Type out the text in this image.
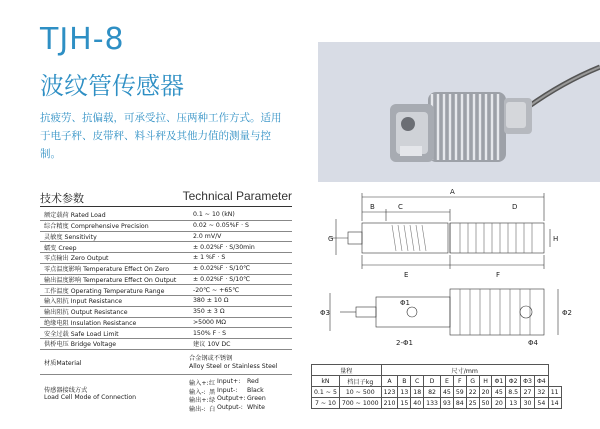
TJH-8
波纹管传感器
抗疲劳、抗偏载，可承受拉、压两种工作方式。适用于电子秤、皮带秤、料斗秤及其他力值的测量与控制。
技术参数	Technical Parameter
额定载荷 Rated Load	0.1 ~ 10 (kN)
综合精度 Comprehensive Precision	0.02 ~ 0.05%F · S
灵敏度 Sensitivity	2.0 mV/V
蠕变 Creep	± 0.02%F · S/30min
零点输出 Zero Output	± 1 %F · S
零点温度影响 Temperature Effect On Zero	± 0.02%F · S/10℃
输出温度影响 Temperature Effect On Output	± 0.02%F · S/10℃
工作温度 Operating Temperature Range	-20℃ ~ +65℃
输入阻抗 Input Resistance	380 ± 10 Ω
输出阻抗 Output Resistance	350 ± 3 Ω
绝缘电阻 Insulation Resistance	>5000 MΩ
安全过载 Safe Load Limit	150% F · S
供桥电压 Bridge Voltage	建议 10V DC
材质Material
合金钢或不锈钢
Alloy Steel or Stainless Steel
传感器接线方式
Load Cell Mode of Connection
输入+: 红 Input+:	Red
输入-: 黑 Input-:	Black
输出+: 绿 Output+: Green
输出-: 白 Output-: White
A
B	C	D
G	H
E	F
Φ3
Φ1
2-Φ1
Φ2
Φ4
量程		尺寸/mm												
kN	档目子kg	A	B	C	D	E	F	G	H	Φ1	Φ2	Φ3	Φ4	
0.1 ~ 5	10 ~ 500	123	13	18	82	45	59	22	20	45	8.5	27	32	11
7 ~ 10	700 ~ 1000	210	15	40	133	93	84	25	50	20	13	30	54	14
